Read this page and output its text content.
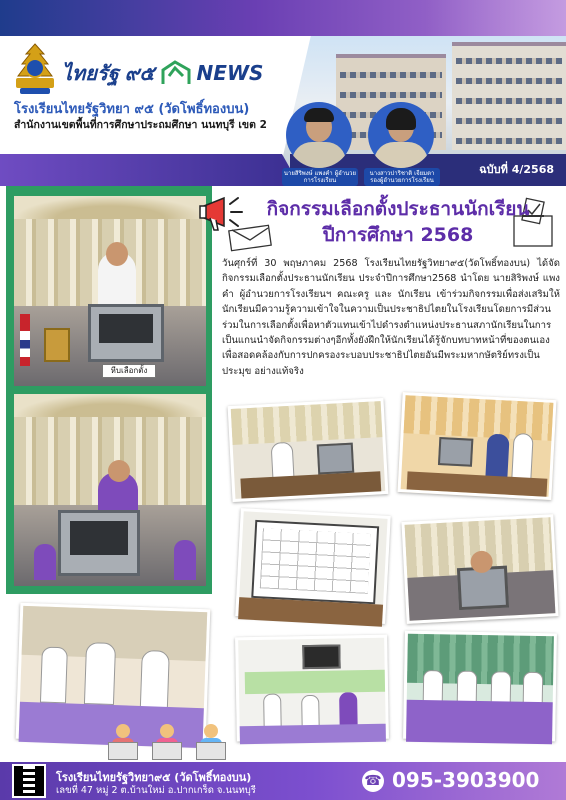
ไทยรัฐ ๙๕ NEWS
โรงเรียนไทยรัฐวิทยา ๙๕ (วัดโพธิ์ทองบน)
สำนักงานเขตพื้นที่การศึกษาประถมศึกษา นนทบุรี เขต 2
นายสิริพงษ์ แพงคำ ผู้อำนวยการโรงเรียน
นางสาวปาริชาติ เจียมตา รองผู้อำนวยการโรงเรียน
ฉบับที่ 4/2568
หีบเลือกตั้ง
กิจกรรมเลือกตั้งประธานนักเรียน
ปีการศึกษา 2568
วันศุกร์ที่ 30 พฤษภาคม 2568 โรงเรียนไทยรัฐวิทยา๙๕(วัดโพธิ์ทองบน) ได้จัดกิจกรรมเลือกตั้งประธานนักเรียน ประจำปีการศึกษา2568 นำโดย นายสิริพงษ์ แพงคำ ผู้อำนวยการโรงเรียนฯ คณะครู และ นักเรียน เข้าร่วมกิจกรรมเพื่อส่งเสริมให้นักเรียนมีความรู้ความเข้าใจในความเป็นประชาธิปไตยในโรงเรียนโดยการมีส่วนร่วมในการเลือกตั้งเพื่อหาตัวแทนเข้าไปดำรงตำแหน่งประธานสภานักเรียนในการเป็นแกนนำจัดกิจกรรมต่างๆอีกทั้งยังฝึกให้นักเรียนได้รู้จักบทบาทหน้าที่ของตนเองเพื่อสอดคล้องกับการปกครองระบอบประชาธิปไตยอันมีพระมหากษัตริย์ทรงเป็นประมุข อย่างแท้จริง
โรงเรียนไทยรัฐวิทยา๙๕ (วัดโพธิ์ทองบน)
เลขที่ 47 หมู่ 2 ต.บ้านใหม่ อ.ปากเกร็ด จ.นนทบุรี
☎ 095-3903900
